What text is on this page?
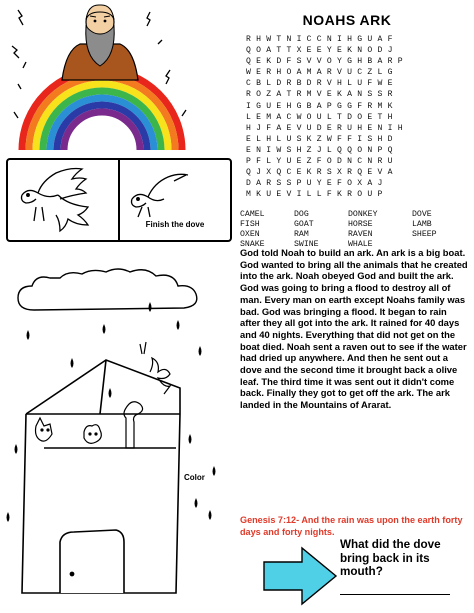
NOAHS ARK
R H W T N I C C N I H G U A F
Q O A T T X E E Y E K N O D J
Q E K D F S V V O Y G H B A R P
W E R H O A M A R V U C Z L G
C B L D R B D R V H L U F W E
R O Z A T R M V E K A N S S R
I G U E H G B A P G G F R M K
L E M A C W O U L T D O E T H
H J F A E V U D E R U H E N I H
E L H L U S K Z W F F I S H D
E N I W S H Z J L Q Q O N P Q
P F L Y U E Z F O D N C N R U
Q J X Q C E K R S X R Q E V A
D A R S S P U Y E F O X A J
M K U E V I L L F K R O U P
CAMEL	DOG	DONKEY	DOVE
FISH	GOAT	HORSE	LAMB
OXEN	RAM	RAVEN	SHEEP
SNAKE	SWINE	WHALE
Finish the dove
Color
God told Noah to build an ark. An ark is a big boat. God wanted to bring all the animals that he created into the ark. Noah obeyed God and built the ark. God was going to bring a flood to destroy all of man. Every man on earth except Noahs family was bad. God was bringing a flood. It began to rain after they all got into the ark. It rained for 40 days and 40 nights. Everything that did not get on the boat died. Noah sent a raven out to see if the water had dried up anywhere. And then he sent out a dove and the second time it brought back a olive leaf. The third time it was sent out it didn't come back. Finally they got to get off the ark. The ark landed in the Mountains of Ararat.
Genesis 7:12- And the rain was upon the earth forty days and forty nights.
What did the dove bring back in its mouth?
